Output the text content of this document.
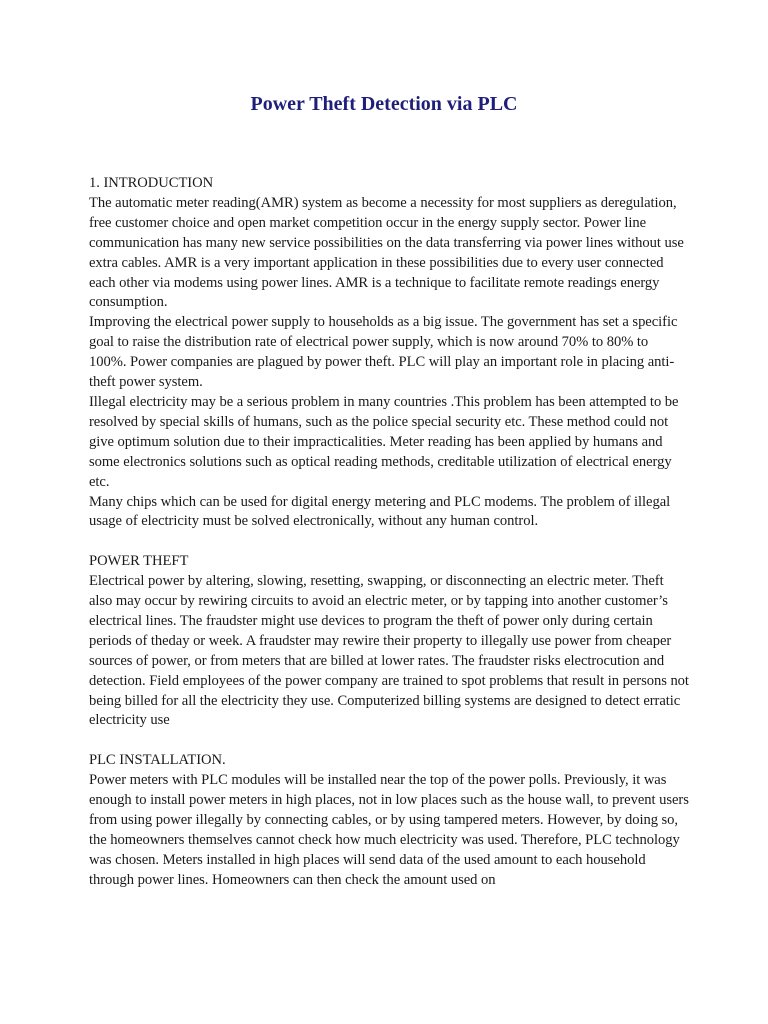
Power Theft Detection via PLC

1. INTRODUCTION

The automatic meter reading(AMR) system as become a necessity for most suppliers as deregulation, free customer choice and open market competition occur in the energy supply sector. Power line communication has many new service possibilities on the data transferring via power lines without use extra cables. AMR is a very important application in these possibilities due to every user connected each other via modems using power lines. AMR is a technique to facilitate remote readings energy consumption.

Improving the electrical power supply to households as a big issue. The government has set a specific goal to raise the distribution rate of electrical power supply, which is now around 70% to 80% to 100%. Power companies are plagued by power theft. PLC will play an important role in placing anti-theft power system.

Illegal electricity may be a serious problem in many countries .This problem has been attempted to be resolved by special skills of humans, such as the police special security etc. These method could not give optimum solution due to their impracticalities. Meter reading has been applied by humans and some electronics solutions such as optical reading methods, creditable utilization of electrical energy etc.

Many chips which can be used for digital energy metering and PLC modems. The problem of illegal usage of electricity must be solved electronically, without any human control.

POWER THEFT

Electrical power by altering, slowing, resetting, swapping, or disconnecting an electric meter. Theft also may occur by rewiring circuits to avoid an electric meter, or by tapping into another customer’s electrical lines. The fraudster might use devices to program the theft of power only during certain periods of theday or week. A fraudster may rewire their property to illegally use power from cheaper sources of power, or from meters that are billed at lower rates. The fraudster risks electrocution and detection. Field employees of the power company are trained to spot problems that result in persons not being billed for all the electricity they use. Computerized billing systems are designed to detect erratic electricity use

PLC INSTALLATION.

Power meters with PLC modules will be installed near the top of the power polls. Previously, it was enough to install power meters in high places, not in low places such as the house wall, to prevent users from using power illegally by connecting cables, or by using tampered meters. However, by doing so, the homeowners themselves cannot check how much electricity was used. Therefore, PLC technology was chosen. Meters installed in high places will send data of the used amount to each household through power lines. Homeowners can then check the amount used on
